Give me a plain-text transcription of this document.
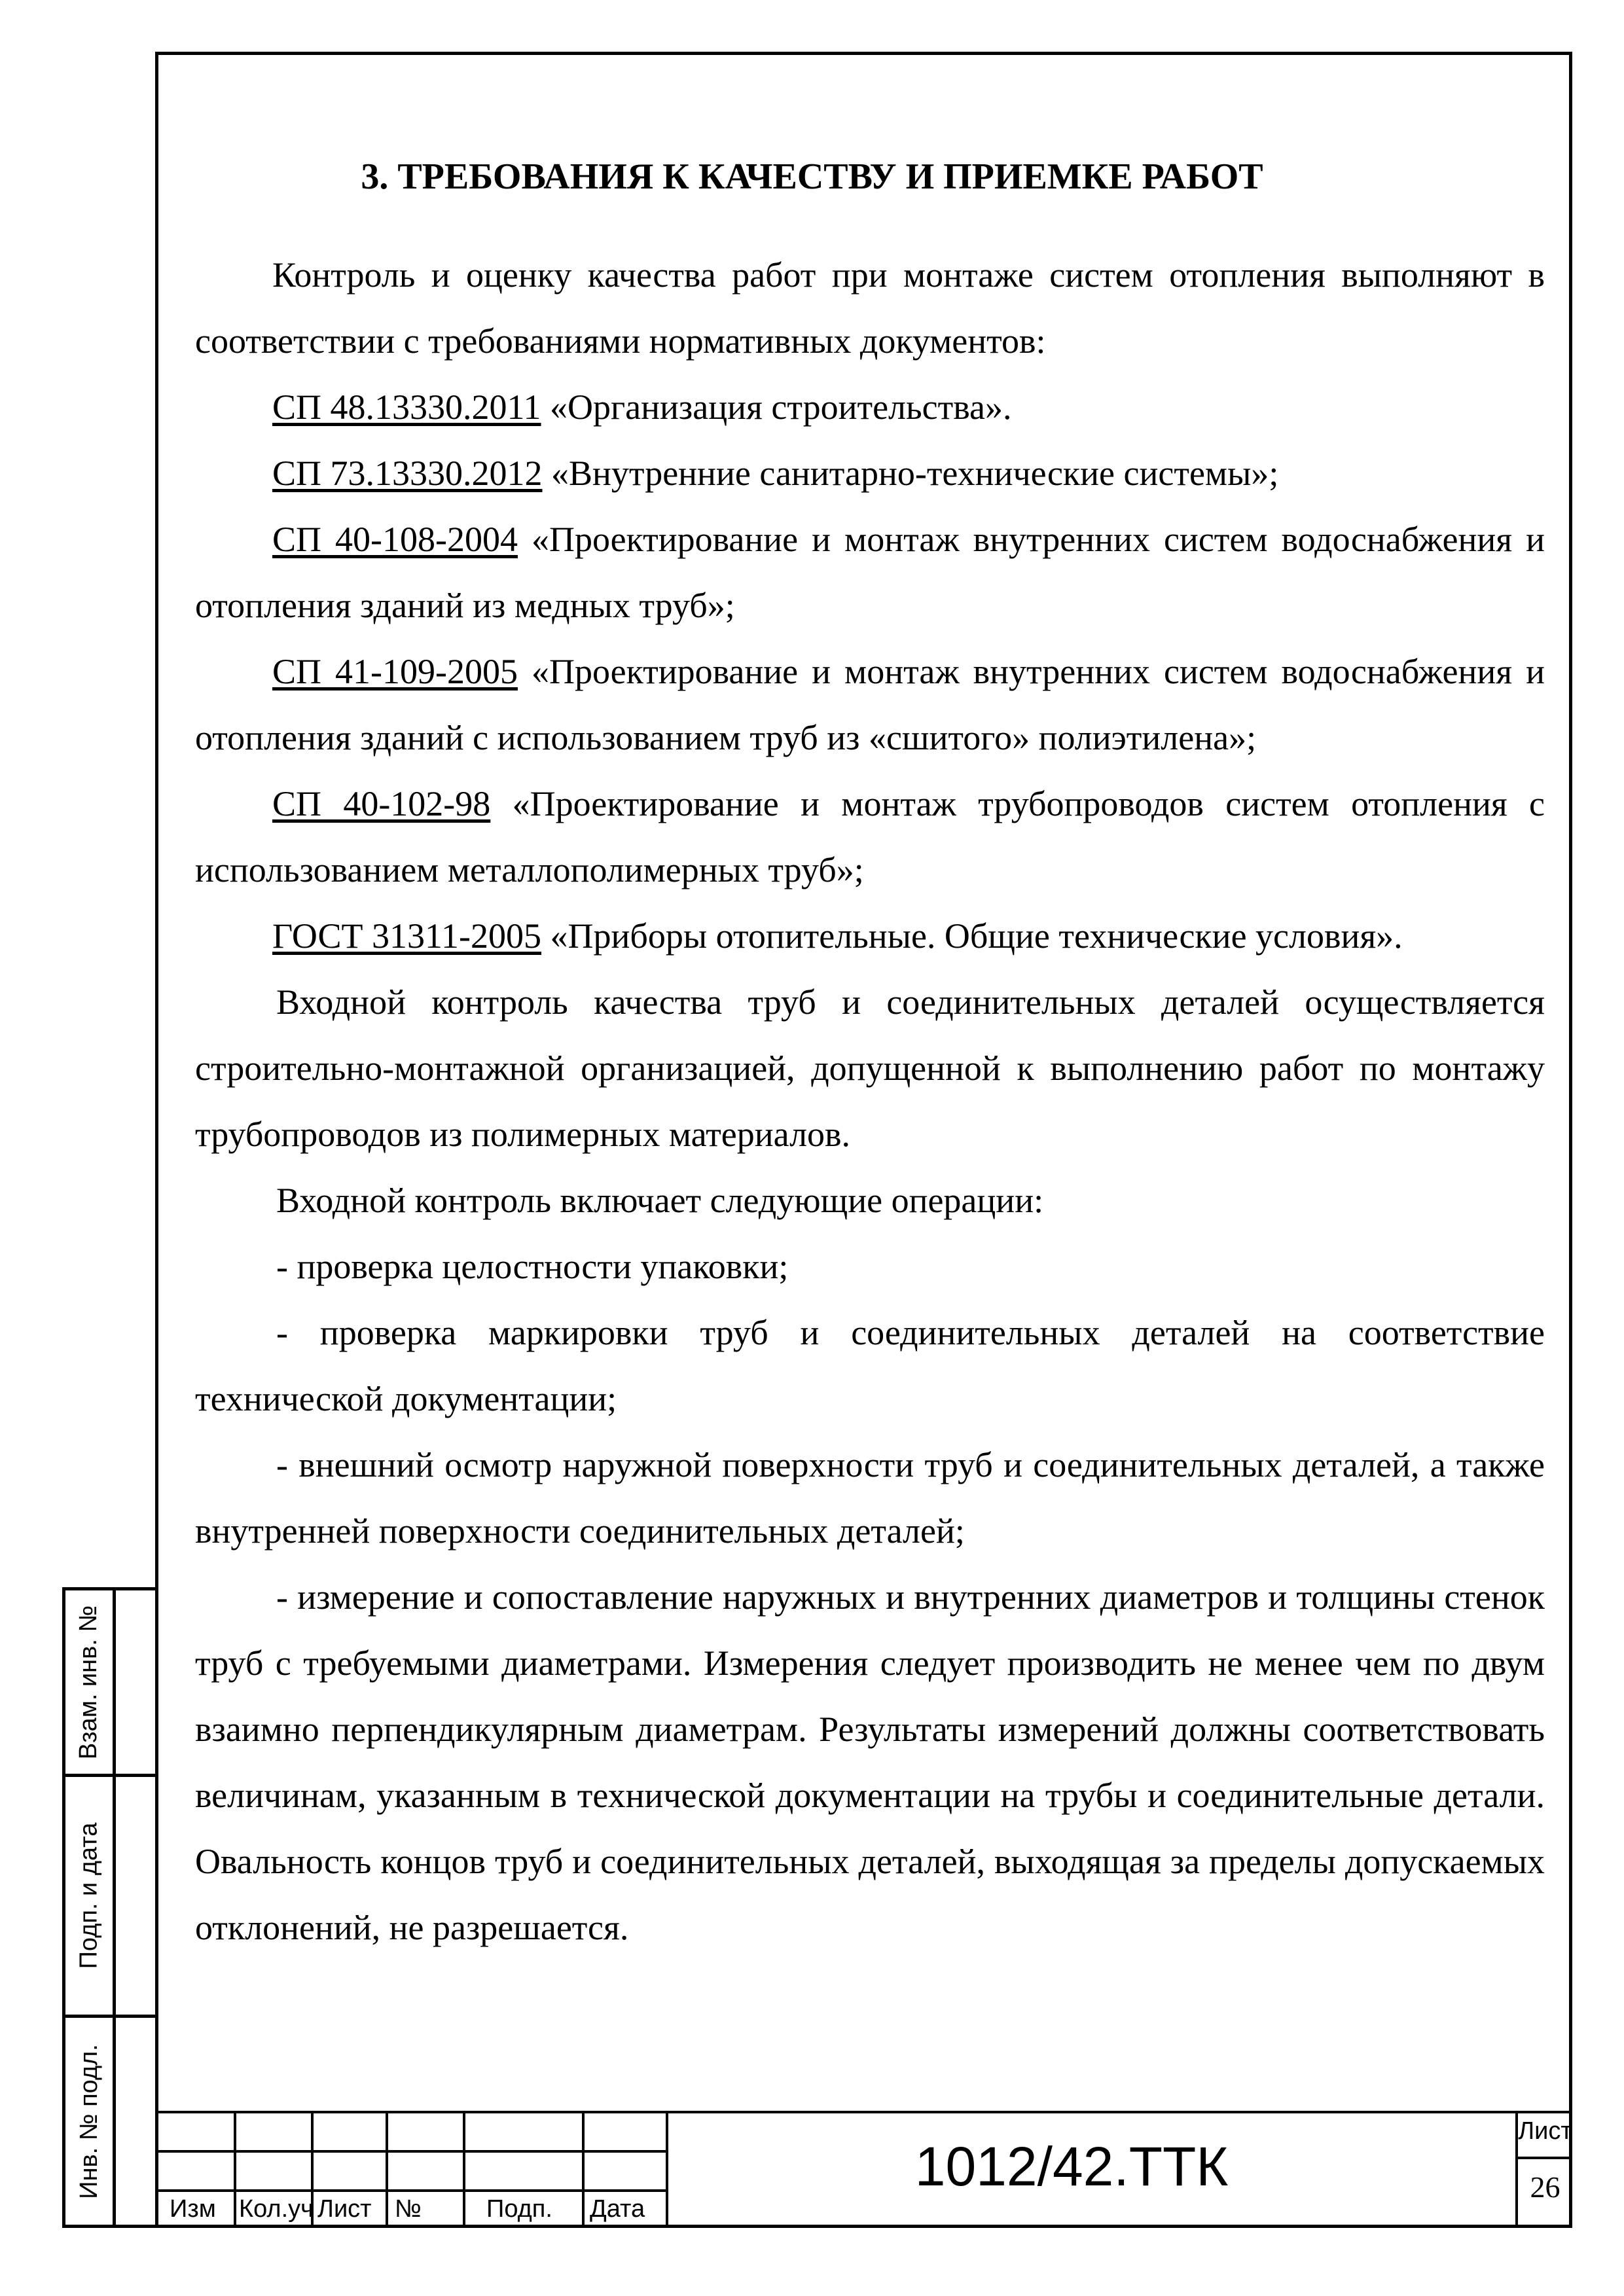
3. ТРЕБОВАНИЯ К КАЧЕСТВУ И ПРИЕМКЕ РАБОТ

Контроль и оценку качества работ при монтаже систем отопления выполняют в соответствии с требованиями нормативных документов:

СП 48.13330.2011 «Организация строительства».

СП 73.13330.2012 «Внутренние санитарно-технические системы»;

СП 40-108-2004 «Проектирование и монтаж внутренних систем водоснабжения и отопления зданий из медных труб»;

СП 41-109-2005 «Проектирование и монтаж внутренних систем водоснабжения и отопления зданий с использованием труб из «сшитого» полиэтилена»;

СП 40-102-98 «Проектирование и монтаж трубопроводов систем отопления с использованием металлополимерных труб»;

ГОСТ 31311-2005 «Приборы отопительные. Общие технические условия».

Входной контроль качества труб и соединительных деталей осуществляется строительно-монтажной организацией, допущенной к выполнению работ по монтажу трубопроводов из полимерных материалов.

Входной контроль включает следующие операции:

- проверка целостности упаковки;

- проверка маркировки труб и соединительных деталей на соответствие технической документации;

- внешний осмотр наружной поверхности труб и соединительных деталей, а также внутренней поверхности соединительных деталей;

- измерение и сопоставление наружных и внутренних диаметров и толщины стенок труб с требуемыми диаметрами. Измерения следует производить не менее чем по двум взаимно перпендикулярным диаметрам. Результаты измерений должны соответствовать величинам, указанным в технической документации на трубы и соединительные детали. Овальность концов труб и соединительных деталей, выходящая за пределы допускаемых отклонений, не разрешается.

Взам. инв. №
Подп. и дата
Инв. № подл.
Изм Кол.уч Лист №	Подп. Дата
1012/42.ТТК
Лист
26
